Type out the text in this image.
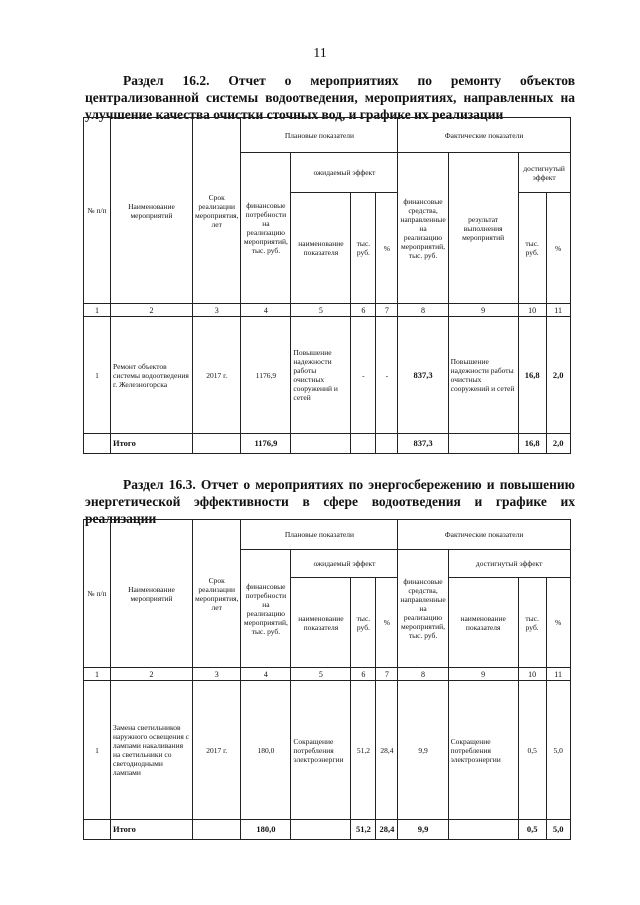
11
Раздел 16.2. Отчет о мероприятиях по ремонту объектов централизованной системы водоотведения, мероприятиях, направленных на улучшение качества очистки сточных вод, и графике их реализации
№ п/п	Наименование мероприятий	Срок реализации мероприятия, лет	Плановые показатели				Фактические показатели			
			финансовые потребности на реализацию мероприятий, тыс. руб.	ожидаемый эффект			финансовые средства, направленные на реализацию мероприятий, тыс. руб.	результат выполнения мероприятий	достигнутый эффект	
				наименование показателя	тыс. руб.	%			тыс. руб.	%
1	2	3	4	5	6	7	8	9	10	11
1	Ремонт объектов системы водоотведения г. Железногорска	2017 г.	1176,9	Повышение надежности работы очистных сооружений и сетей	-	-	837,3	Повышение надежности работы очистных сооружений и сетей	16,8	2,0
	Итого		1176,9				837,3		16,8	2,0
Раздел 16.3. Отчет о мероприятиях по энергосбережению и повышению энергетической эффективности в сфере водоотведения и графике их реализации
№ п/п	Наименование мероприятий	Срок реализации мероприятия, лет	Плановые показатели				Фактические показатели			
			финансовые потребности на реализацию мероприятий, тыс. руб.	ожидаемый эффект			финансовые средства, направленные на реализацию мероприятий, тыс. руб.	достигнутый эффект		
				наименование показателя	тыс. руб.	%		наименование показателя	тыс. руб.	%
1	2	3	4	5	6	7	8	9	10	11
1	Замена светильников наружного освещения с лампами накаливания на светильники со светодиодными лампами	2017 г.	180,0	Сокращение потребления электроэнергии	51,2	28,4	9,9	Сокращение потребления электроэнергии	0,5	5,0
	Итого		180,0		51,2	28,4	9,9		0,5	5,0
